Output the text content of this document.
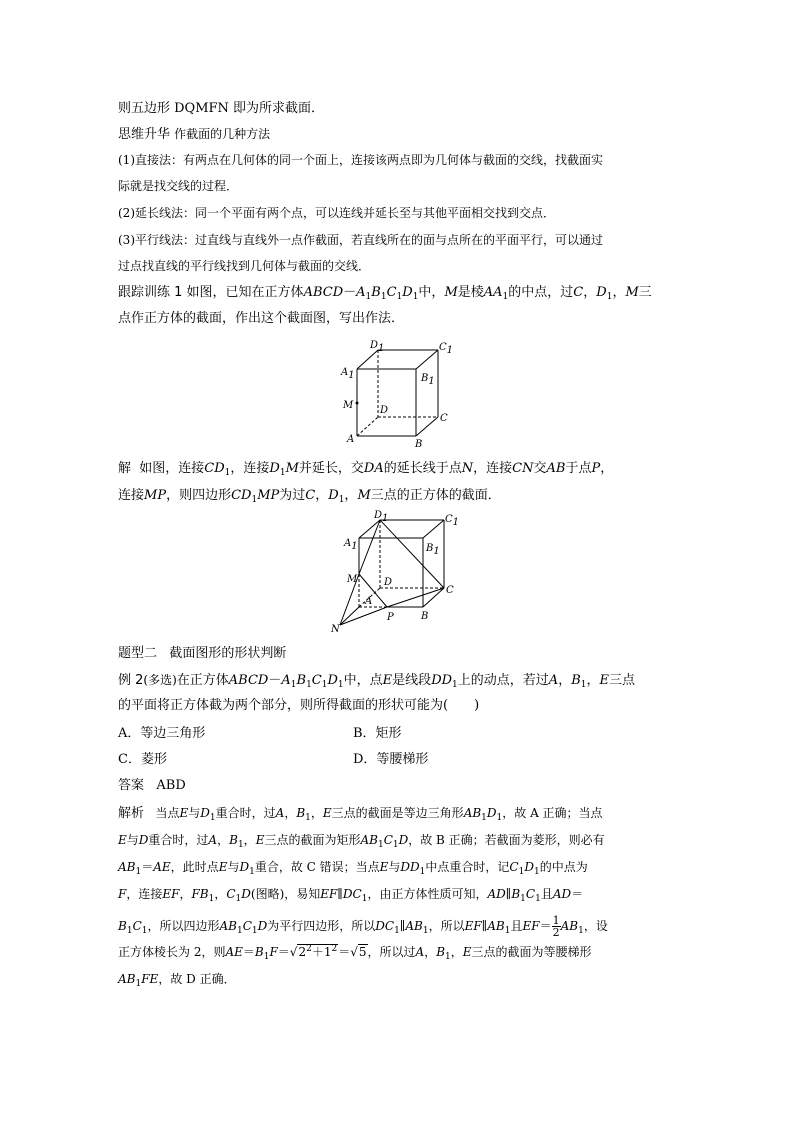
则五边形 DQMFN 即为所求截面．
思维升华 作截面的几种方法
(1)直接法：有两点在几何体的同一个面上，连接该两点即为几何体与截面的交线，找截面实
际就是找交线的过程．
(2)延长线法：同一个平面有两个点，可以连线并延长至与其他平面相交找到交点．
(3)平行线法：过直线与直线外一点作截面，若直线所在的面与点所在的平面平行，可以通过
过点找直线的平行线找到几何体与截面的交线．
跟踪训练 1 如图，已知在正方体$ABCD-A_1B_1C_1D_1$中，M是棱$AA_1$的中点，过C，$D_1$，M三
点作正方体的截面，作出这个截面图，写出作法．
D1	C1
A1	B1
M	D
C
A	B
解 如图，连接$CD_1$，连接$D_1M$并延长，交DA的延长线于点N，连接CN交AB于点P，
连接MP，则四边形$CD_1MP$为过C，$D_1$，M三点的正方体的截面．
D1	C1
A1	B1
M	D
C
A
B
N
P
题型二 截面图形的形状判断
例 2(多选)在正方体$ABCD-A_1B_1C_1D_1$中，点E是线段$DD_1$上的动点，若过A，$B_1$，E三点
的平面将正方体截为两个部分，则所得截面的形状可能为(　　)
A．等边三角形	B．矩形
C．菱形	D．等腰梯形
答案 ABD
解析 当点E与$D_1$重合时，过A，$B_1$，E三点的截面是等边三角形$AB_1D_1$，故 A 正确；当点
E与D重合时，过A，$B_1$，E三点的截面为矩形$AB_1C_1D$，故 B 正确；若截面为菱形，则必有
$AB_1=AE$，此时点E与$D_1$重合，故 C 错误；当点E与$DD_1$中点重合时，记$C_1D_1$的中点为
F，连接EF，$FB_1$，$C_1D$(图略)，易知$EF\parallel DC_1$，由正方体性质可知，$AD\parallel B_1C_1$且AD＝
$B_1C_1$，所以四边形$AB_1C_1D$为平行四边形，所以$DC_1\parallel AB_1$，所以$EF\parallel AB_1$且$EF= \frac{1}{2} AB_1$，设
正方体棱长为 2，则$AE=B_1F=√2^2+1^2=√5$，所以过A，$B_1$，E三点的截面为等腰梯形
$AB_1FE$，故 D 正确．
